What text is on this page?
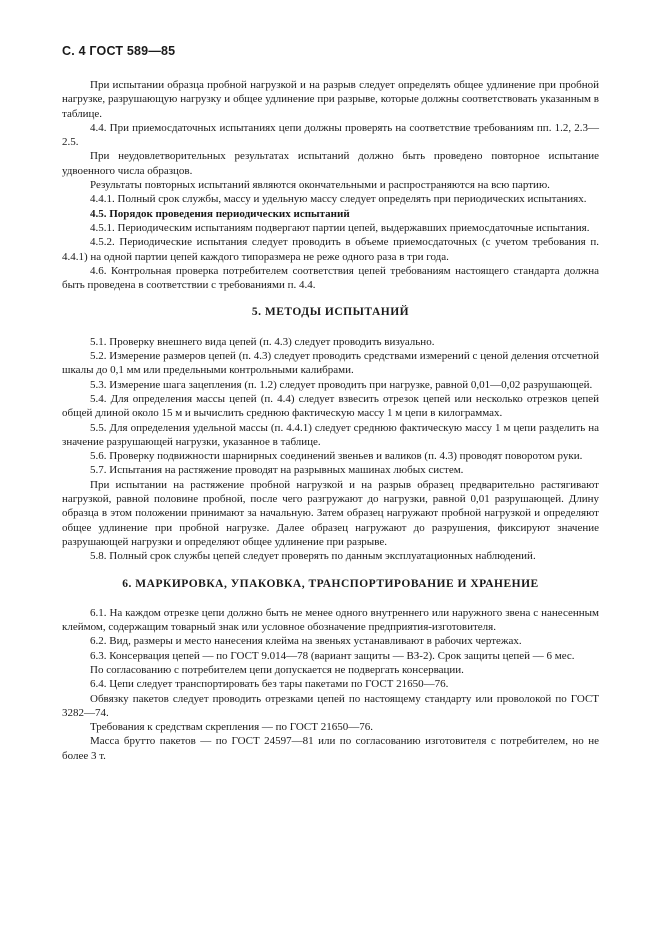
С. 4 ГОСТ 589—85

При испытании образца пробной нагрузкой и на разрыв следует определять общее удлинение при пробной нагрузке, разрушающую нагрузку и общее удлинение при разрыве, которые должны соответствовать указанным в таблице.

4.4. При приемосдаточных испытаниях цепи должны проверять на соответствие требованиям пп. 1.2, 2.3—2.5.

При неудовлетворительных результатах испытаний должно быть проведено повторное испытание удвоенного числа образцов.

Результаты повторных испытаний являются окончательными и распространяются на всю партию.

4.4.1. Полный срок службы, массу и удельную массу следует определять при периодических испытаниях.

4.5. Порядок проведения периодических испытаний

4.5.1. Периодическим испытаниям подвергают партии цепей, выдержавших приемосдаточные испытания.

4.5.2. Периодические испытания следует проводить в объеме приемосдаточных (с учетом требования п. 4.4.1) на одной партии цепей каждого типоразмера не реже одного раза в три года.

4.6. Контрольная проверка потребителем соответствия цепей требованиям настоящего стандарта должна быть проведена в соответствии с требованиями п. 4.4.

5. МЕТОДЫ ИСПЫТАНИЙ

5.1. Проверку внешнего вида цепей (п. 4.3) следует проводить визуально.

5.2. Измерение размеров цепей (п. 4.3) следует проводить средствами измерений с ценой деления отсчетной шкалы до 0,1 мм или предельными контрольными калибрами.

5.3. Измерение шага зацепления (п. 1.2) следует проводить при нагрузке, равной 0,01—0,02 разрушающей.

5.4. Для определения массы цепей (п. 4.4) следует взвесить отрезок цепей или несколько отрезков цепей общей длиной около 15 м и вычислить среднюю фактическую массу 1 м цепи в килограммах.

5.5. Для определения удельной массы (п. 4.4.1) следует среднюю фактическую массу 1 м цепи разделить на значение разрушающей нагрузки, указанное в таблице.

5.6. Проверку подвижности шарнирных соединений звеньев и валиков (п. 4.3) проводят поворотом руки.

5.7. Испытания на растяжение проводят на разрывных машинах любых систем.

При испытании на растяжение пробной нагрузкой и на разрыв образец предварительно растягивают нагрузкой, равной половине пробной, после чего разгружают до нагрузки, равной 0,01 разрушающей. Длину образца в этом положении принимают за начальную. Затем образец нагружают пробной нагрузкой и определяют общее удлинение при пробной нагрузке. Далее образец нагружают до разрушения, фиксируют значение разрушающей нагрузки и определяют общее удлинение при разрыве.

5.8. Полный срок службы цепей следует проверять по данным эксплуатационных наблюдений.

6. МАРКИРОВКА, УПАКОВКА, ТРАНСПОРТИРОВАНИЕ И ХРАНЕНИЕ

6.1. На каждом отрезке цепи должно быть не менее одного внутреннего или наружного звена с нанесенным клеймом, содержащим товарный знак или условное обозначение предприятия-изготовителя.

6.2. Вид, размеры и место нанесения клейма на звеньях устанавливают в рабочих чертежах.

6.3. Консервация цепей — по ГОСТ 9.014—78 (вариант защиты — ВЗ-2). Срок защиты цепей — 6 мес.

По согласованию с потребителем цепи допускается не подвергать консервации.

6.4. Цепи следует транспортировать без тары пакетами по ГОСТ 21650—76.

Обвязку пакетов следует проводить отрезками цепей по настоящему стандарту или проволокой по ГОСТ 3282—74.

Требования к средствам скрепления — по ГОСТ 21650—76.

Масса брутто пакетов — по ГОСТ 24597—81 или по согласованию изготовителя с потребителем, но не более 3 т.
